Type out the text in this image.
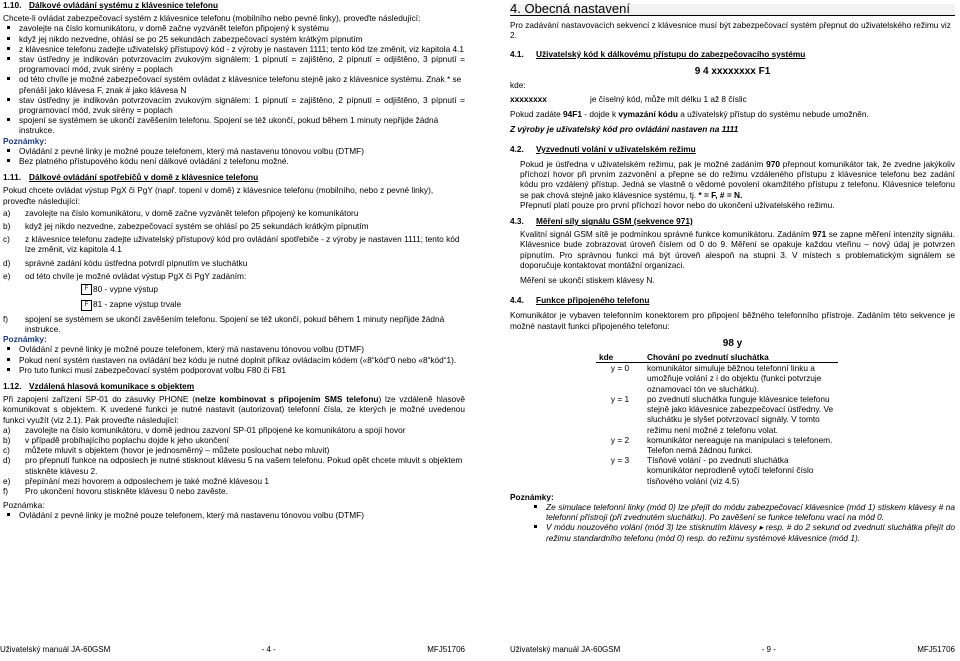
1.10. Dálkové ovládání systému z klávesnice telefonu

Chcete-li ovládat zabezpečovací systém z klávesnice telefonu (mobilního nebo pevné linky), proveďte následující:

zavolejte na číslo komunikátoru, v domě začne vyzvánět telefon připojený k systému
když jej nikdo nezvedne, ohlásí se po 25 sekundách zabezpečovací systém krátkým pípnutím
z klávesnice telefonu zadejte uživatelský přístupový kód - z výroby je nastaven 1111; tento kód lze změnit, viz kapitola 4.1
stav ústředny je indikován potvrzovacím zvukovým signálem: 1 pípnutí = zajištěno, 2 pípnutí = odjištěno, 3 pípnutí = programovací mód, zvuk sirény = poplach
od této chvíle je možné zabezpečovací systém ovládat z klávesnice telefonu stejně jako z klávesnice systému. Znak * se přenáší jako klávesa F, znak # jako klávesa N
stav ústředny je indikován potvrzovacím zvukovým signálem: 1 pípnutí = zajištěno, 2 pípnutí = odjištěno, 3 pípnutí = programovací mód, zvuk sirény = poplach
spojení se systémem se ukončí zavěšením telefonu. Spojení se též ukončí, pokud během 1 minuty nepřijde žádná instrukce.

Poznámky:

Ovládání z pevné linky je možné pouze telefonem, který má nastavenu tónovou volbu (DTMF)
Bez platného přístupového kódu není dálkové ovládání z telefonu možné.

1.11. Dálkové ovládání spotřebičů v domě z klávesnice telefonu

Pokud chcete ovládat výstup PgX či PgY (např. topení v domě) z klávesnice telefonu (mobilního, nebo z pevné linky), proveďte následující:

a) zavolejte na číslo komunikátoru, v domě začne vyzvánět telefon připojený ke komunikátoru
b) když jej nikdo nezvedne, zabezpečovací systém se ohlásí po 25 sekundách krátkým pípnutím
c) z klávesnice telefonu zadejte uživatelský přístupový kód pro ovládání spotřebiče - z výroby je nastaven 1111; tento kód lze změnit, viz kapitola 4.1
d) správné zadání kódu ústředna potvrdí pípnutím ve sluchátku
e) od této chvíle je možné ovládat výstup PgX či PgY zadáním:

F 80 - vypne výstup

F 81 - zapne výstup trvale

f) spojení se systémem se ukončí zavěšením telefonu. Spojení se též ukončí, pokud během 1 minuty nepřijde žádná instrukce.

Poznámky:

Ovládání z pevné linky je možné pouze telefonem, který má nastavenu tónovou volbu (DTMF)
Pokud není systém nastaven na ovládání bez kódu je nutné doplnit příkaz ovládacím kódem («8“kód“0 nebo «8“kód“1).
Pro tuto funkci musí zabezpečovací systém podporovat volbu F80 či F81

1.12. Vzdálená hlasová komunikace s objektem

Při zapojení zařízení SP-01 do zásuvky PHONE (nelze kombinovat s připojením SMS telefonu) lze vzdáleně hlasově komunikovat s objektem. K uvedené funkci je nutné nastavit (autorizovat) telefonní čísla, ze kterých je možné uvedenou funkci využít (viz 2.1). Pak proveďte následující:

a) zavolejte na číslo komunikátoru, v domě jednou zazvoní SP-01 připojené ke komunikátoru a spojí hovor
b) v případě probíhajícího poplachu dojde k jeho ukončení
c) můžete mluvit s objektem (hovor je jednosměrný – můžete poslouchat nebo mluvit)
d) pro přepnutí funkce na odposlech je nutné stisknout klávesu 5 na vašem telefonu. Pokud opět chcete mluvit s objektem stiskněte klávesu 2.
e) přepínání mezi hovorem a odposlechem je také možné klávesou 1
f) Pro ukončení hovoru stiskněte klávesu 0 nebo zavěste.

Poznámka:

Ovládání z pevné linky je možné pouze telefonem, který má nastavenu tónovou volbu (DTMF)
Uživatelský manuál JA-60GSM	- 4 -	MFJ51706
4. Obecná nastavení

Pro zadávání nastavovacích sekvencí z klávesnice musí být zabezpečovací systém přepnut do uživatelského režimu viz 2.

4.1. Uživatelský kód k dálkovému přístupu do zabezpečovacího systému

9 4 xxxxxxxx F1

kde:

xxxxxxxx	je číselný kód, může mít délku 1 až 8 číslic

Pokud zadáte 94F1 - dojde k vymazání kódu a uživatelský přístup do systému nebude umožněn.

Z výroby je uživatelský kód pro ovládání nastaven na 1111

4.2. Vyzvednutí volání v uživatelském režimu

Pokud je ústředna v uživatelském režimu, pak je možné zadáním 970 přepnout komunikátor tak, že zvedne jakýkoliv příchozí hovor při prvním zazvonění a přepne se do režimu vzdáleného přístupu z klávesnice telefonu bez zadání kódu pro vzdálený přístup. Jedná se vlastně o vědomé povolení okamžitého přístupu z telefonu. Klávesnice telefonu se pak chová stejně jako klávesnice systému, tj. * = F, # = N.

Přepnutí platí pouze pro první příchozí hovor nebo do ukončení uživatelského režimu.

4.3. Měření síly signálu GSM (sekvence 971)

Kvalitní signál GSM sítě je podmínkou správné funkce komunikátoru. Zadáním 971 se zapne měření intenzity signálu. Klávesnice bude zobrazovat úroveň číslem od 0 do 9. Měření se opakuje každou vteřinu – nový údaj je potvrzen pípnutím. Pro správnou funkci má být úroveň alespoň na stupni 3. V místech s problematickým signálem se doporučuje kontaktovat montážní organizaci.

Měření se ukončí stiskem klávesy N.

4.4. Funkce připojeného telefonu

Komunikátor je vybaven telefonním konektorem pro připojení běžného telefonního přístroje. Zadáním této sekvence je možné nastavit funkci připojeného telefonu:

98 y

kde	Chování po zvednutí sluchátka
y = 0	komunikátor simuluje běžnou telefonní linku a umožňuje volání z i do objektu (funkci potvrzuje oznamovací tón ve sluchátku).
y = 1	po zvednutí sluchátka funguje klávesnice telefonu stejně jako klávesnice zabezpečovací ústředny. Ve sluchátku je slyšet potvrzovací signály. V tomto režimu není možné z telefonu volat.
y = 2	komunikátor nereaguje na manipulaci s telefonem. Telefon nemá žádnou funkci.
y = 3	Tísňové volání - po zvednutí sluchátka komunikátor neprodleně vytočí telefonní číslo tísňového volání (viz 4.5)

Poznámky:

Ze simulace telefonní linky (mód 0) lze přejít do módu zabezpečovací klávesnice (mód 1) stiskem klávesy # na telefonní přístroji (při zvednutém sluchátku). Po zavěšení se funkce telefonu vrací na mód 0.
V módu nouzového volání (mód 3) lze stisknutím klávesy ▸ resp. # do 2 sekund od zvednutí sluchátka přejít do režimu standardního telefonu (mód 0) resp. do režimu systémové klávesnice (mód 1).
Uživatelský manuál JA-60GSM	- 9 -	MFJ51706
